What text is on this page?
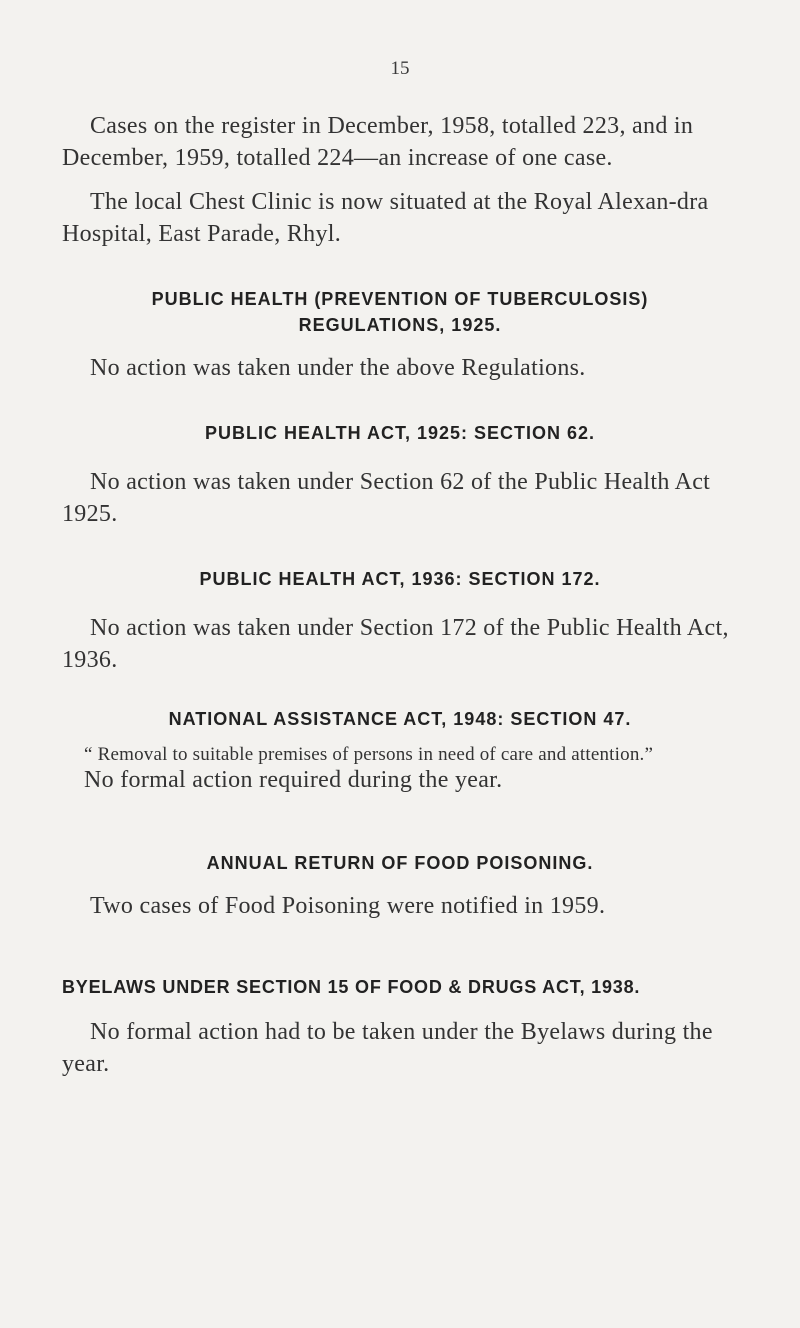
15

Cases on the register in December, 1958, totalled 223, and in December, 1959, totalled 224—an increase of one case.

The local Chest Clinic is now situated at the Royal Alexan-dra Hospital, East Parade, Rhyl.

PUBLIC HEALTH (PREVENTION OF TUBERCULOSIS)
REGULATIONS, 1925.

No action was taken under the above Regulations.

PUBLIC HEALTH ACT, 1925: SECTION 62.

No action was taken under Section 62 of the Public Health Act 1925.

PUBLIC HEALTH ACT, 1936: SECTION 172.

No action was taken under Section 172 of the Public Health Act, 1936.

NATIONAL ASSISTANCE ACT, 1948: SECTION 47.

“ Removal to suitable premises of persons in need of care and attention.”

No formal action required during the year.

ANNUAL RETURN OF FOOD POISONING.

Two cases of Food Poisoning were notified in 1959.

BYELAWS UNDER SECTION 15 OF FOOD & DRUGS ACT, 1938.

No formal action had to be taken under the Byelaws during the year.
